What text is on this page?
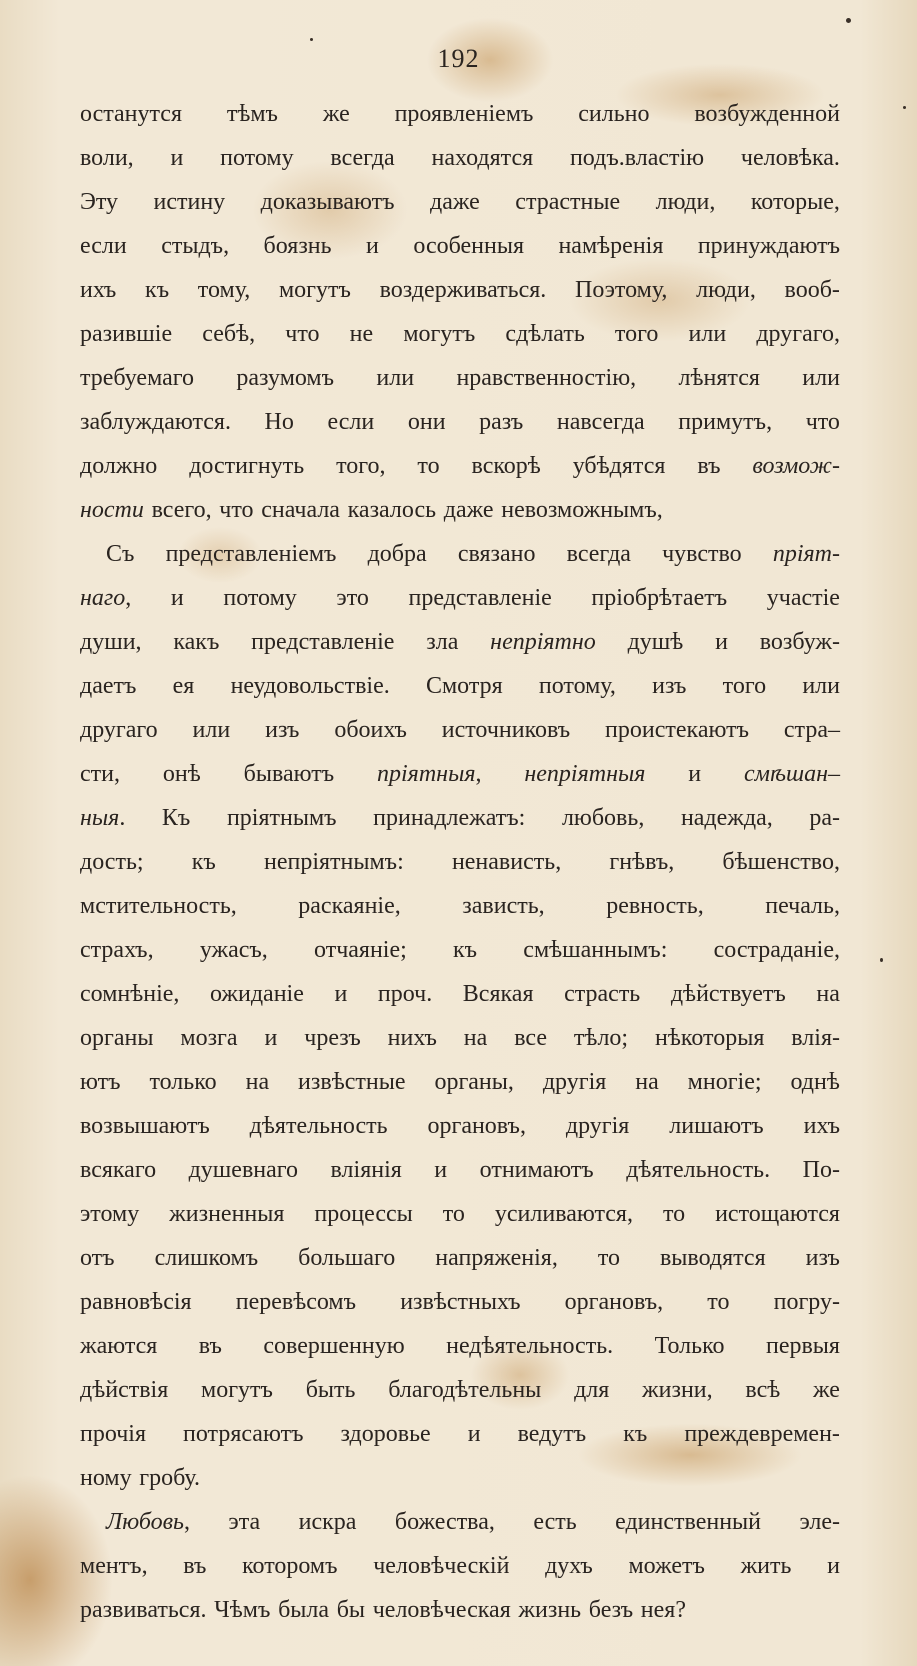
192
останутся тѣмъ же проявленіемъ сильно возбужденной
воли, и потому всегда находятся подъ.властію человѣка.
Эту истину доказываютъ даже страстные люди, которые,
если стыдъ, боязнь и особенныя намѣренія принуждаютъ
ихъ къ тому, могутъ воздерживаться. Поэтому, люди, вооб-
разившіе себѣ, что не могутъ сдѣлать того или другаго,
требуемаго разумомъ или нравственностію, лѣнятся или
заблуждаются. Но если они разъ навсегда примутъ, что
должно достигнуть того, то вскорѣ убѣдятся въ возмож-
ности всего, что сначала казалось даже невозможнымъ,
Съ представленіемъ добра связано всегда чувство пріят-
наго, и потому это представленіе пріобрѣтаетъ участіе
души, какъ представленіе зла непріятно душѣ и возбуж-
даетъ ея неудовольствіе. Смотря потому, изъ того или
другаго или изъ обоихъ источниковъ проистекаютъ стра–
сти, онѣ бываютъ пріятныя, непріятныя и смѣшан–
ныя. Къ пріятнымъ принадлежатъ: любовь, надежда, ра-
дость; къ непріятнымъ: ненависть, гнѣвъ, бѣшенство,
мстительность,	раскаяніе,	зависть,	ревность,	печаль,
страхъ, ужасъ, отчаяніе; къ смѣшаннымъ: состраданіе,
сомнѣніе, ожиданіе и проч. Всякая страсть дѣйствуетъ на
органы мозга и чрезъ нихъ на все тѣло; нѣкоторыя влія-
ютъ только на извѣстные органы, другія на многіе; однѣ
возвышаютъ дѣятельность органовъ, другія лишаютъ ихъ
всякаго душевнаго вліянія и отнимаютъ дѣятельность. По-
этому жизненныя процессы то усиливаются, то истощаются
отъ слишкомъ большаго напряженія, то выводятся изъ
равновѣсія перевѣсомъ извѣстныхъ органовъ, то погру-
жаются въ совершенную недѣятельность. Только первыя
дѣйствія могутъ быть благодѣтельны для жизни, всѣ же
прочія потрясаютъ здоровье и ведутъ къ преждевремен-
ному гробу.
Любовь, эта искра божества, есть единственный эле-
ментъ, въ которомъ человѣческій духъ можетъ жить и
развиваться. Чѣмъ была бы человѣческая жизнь безъ нея?
